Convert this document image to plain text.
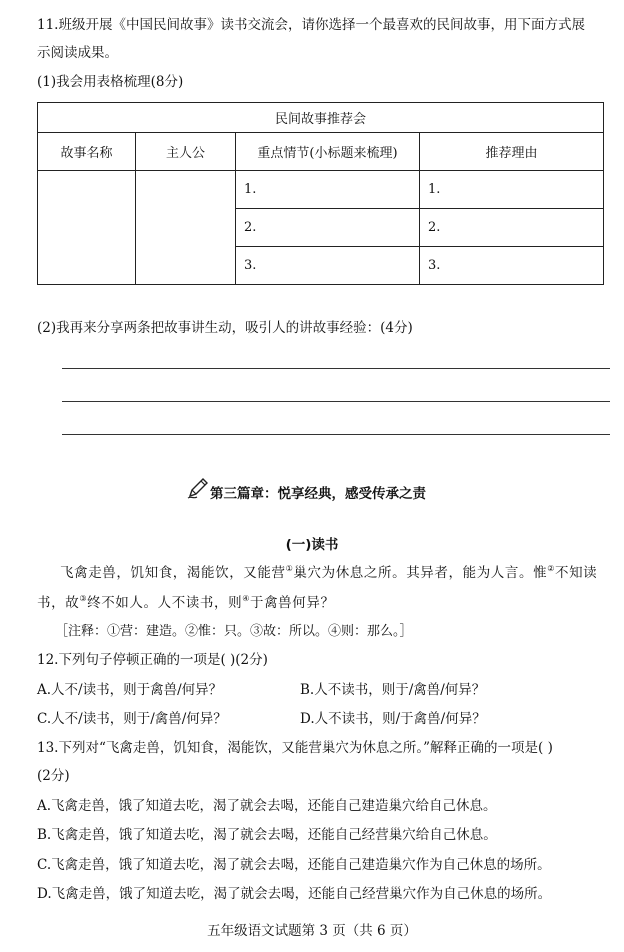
11.班级开展《中国民间故事》读书交流会，请你选择一个最喜欢的民间故事，用下面方式展
示阅读成果。
(1)我会用表格梳理(8分)
民间故事推荐会			
故事名称	主人公	重点情节(小标题来梳理)	推荐理由
		1.	1.
		2.	2.
		3.	3.
(2)我再来分享两条把故事讲生动，吸引人的讲故事经验：(4分)
第三篇章：悦享经典，感受传承之责
(一)读书
飞禽走兽，饥知食，渴能饮，又能营①巢穴为休息之所。其异者，能为人言。惟②不知读
书，故③终不如人。人不读书，则④于禽兽何异？
［注释：①营：建造。②惟：只。③故：所以。④则：那么。］
12.下列句子停顿正确的一项是( )(2分)
A.人不/读书，则于禽兽/何异？	B.人不读书，则于/禽兽/何异？
C.人不/读书，则于/禽兽/何异？	D.人不读书，则/于禽兽/何异？
13.下列对“飞禽走兽，饥知食，渴能饮，又能营巢穴为休息之所。”解释正确的一项是( )
(2分)
A.飞禽走兽，饿了知道去吃，渴了就会去喝，还能自己建造巢穴给自己休息。
B.飞禽走兽，饿了知道去吃，渴了就会去喝，还能自己经营巢穴给自己休息。
C.飞禽走兽，饿了知道去吃，渴了就会去喝，还能自己建造巢穴作为自己休息的场所。
D.飞禽走兽，饿了知道去吃，渴了就会去喝，还能自己经营巢穴作为自己休息的场所。
五年级语文试题第 3 页（共 6 页）
